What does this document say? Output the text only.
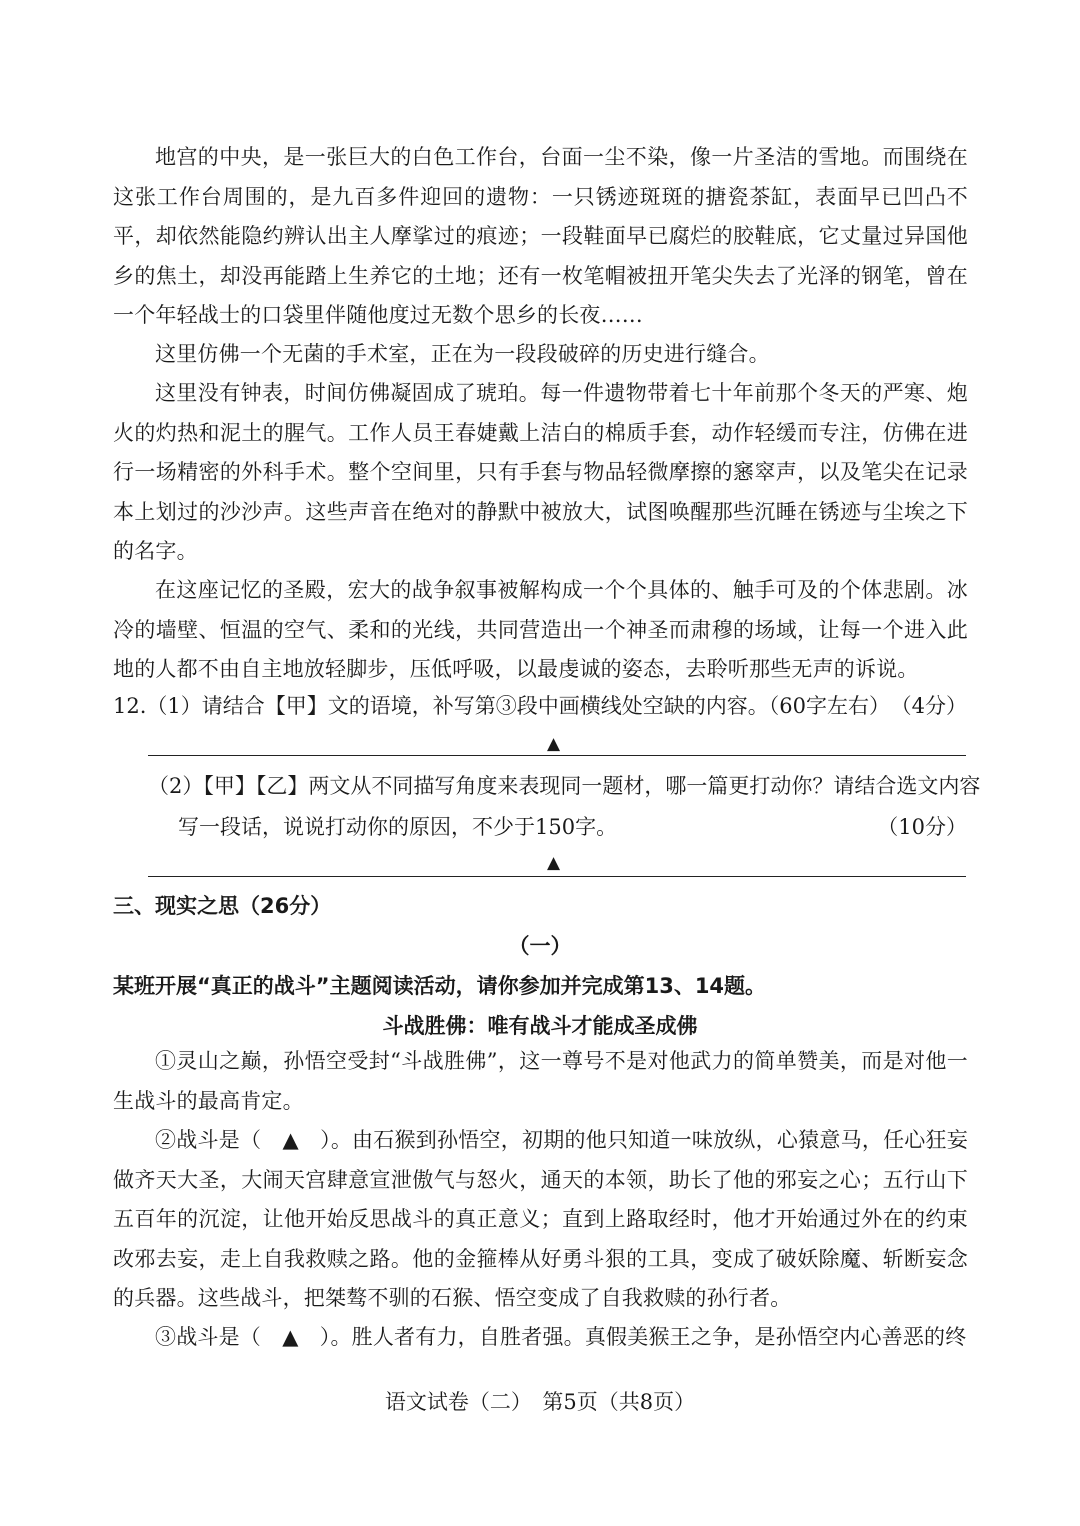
地宫的中央，是一张巨大的白色工作台，台面一尘不染，像一片圣洁的雪地。而围绕在这张工作台周围的，是九百多件迎回的遗物：一只锈迹斑斑的搪瓷茶缸，表面早已凹凸不平，却依然能隐约辨认出主人摩挲过的痕迹；一段鞋面早已腐烂的胶鞋底，它丈量过异国他乡的焦土，却没再能踏上生养它的土地；还有一枚笔帽被扭开笔尖失去了光泽的钢笔，曾在一个年轻战士的口袋里伴随他度过无数个思乡的长夜……

这里仿佛一个无菌的手术室，正在为一段段破碎的历史进行缝合。

这里没有钟表，时间仿佛凝固成了琥珀。每一件遗物带着七十年前那个冬天的严寒、炮火的灼热和泥土的腥气。工作人员王春婕戴上洁白的棉质手套，动作轻缓而专注，仿佛在进行一场精密的外科手术。整个空间里，只有手套与物品轻微摩擦的窸窣声，以及笔尖在记录本上划过的沙沙声。这些声音在绝对的静默中被放大，试图唤醒那些沉睡在锈迹与尘埃之下的名字。

在这座记忆的圣殿，宏大的战争叙事被解构成一个个具体的、触手可及的个体悲剧。冰冷的墙壁、恒温的空气、柔和的光线，共同营造出一个神圣而肃穆的场域，让每一个进入此地的人都不由自主地放轻脚步，压低呼吸，以最虔诚的姿态，去聆听那些无声的诉说。

12.（1）请结合【甲】文的语境，补写第③段中画横线处空缺的内容。（60字左右） （4分）
▲

（2）【甲】【乙】两文从不同描写角度来表现同一题材，哪一篇更打动你？请结合选文内容

写一段话，说说打动你的原因，不少于150字。	（10分）
▲

三、现实之思（26分）

（一）

某班开展“真正的战斗”主题阅读活动，请你参加并完成第13、14题。

斗战胜佛：唯有战斗才能成圣成佛

①灵山之巅，孙悟空受封“斗战胜佛”，这一尊号不是对他武力的简单赞美，而是对他一生战斗的最高肯定。

②战斗是（　▲　）。由石猴到孙悟空，初期的他只知道一味放纵，心猿意马，任心狂妄做齐天大圣，大闹天宫肆意宣泄傲气与怒火，通天的本领，助长了他的邪妄之心；五行山下五百年的沉淀，让他开始反思战斗的真正意义；直到上路取经时，他才开始通过外在的约束改邪去妄，走上自我救赎之路。他的金箍棒从好勇斗狠的工具，变成了破妖除魔、斩断妄念的兵器。这些战斗，把桀骜不驯的石猴、悟空变成了自我救赎的孙行者。

③战斗是（　▲　）。胜人者有力，自胜者强。真假美猴王之争，是孙悟空内心善恶的终

语文试卷（二）　第5页（共8页）
